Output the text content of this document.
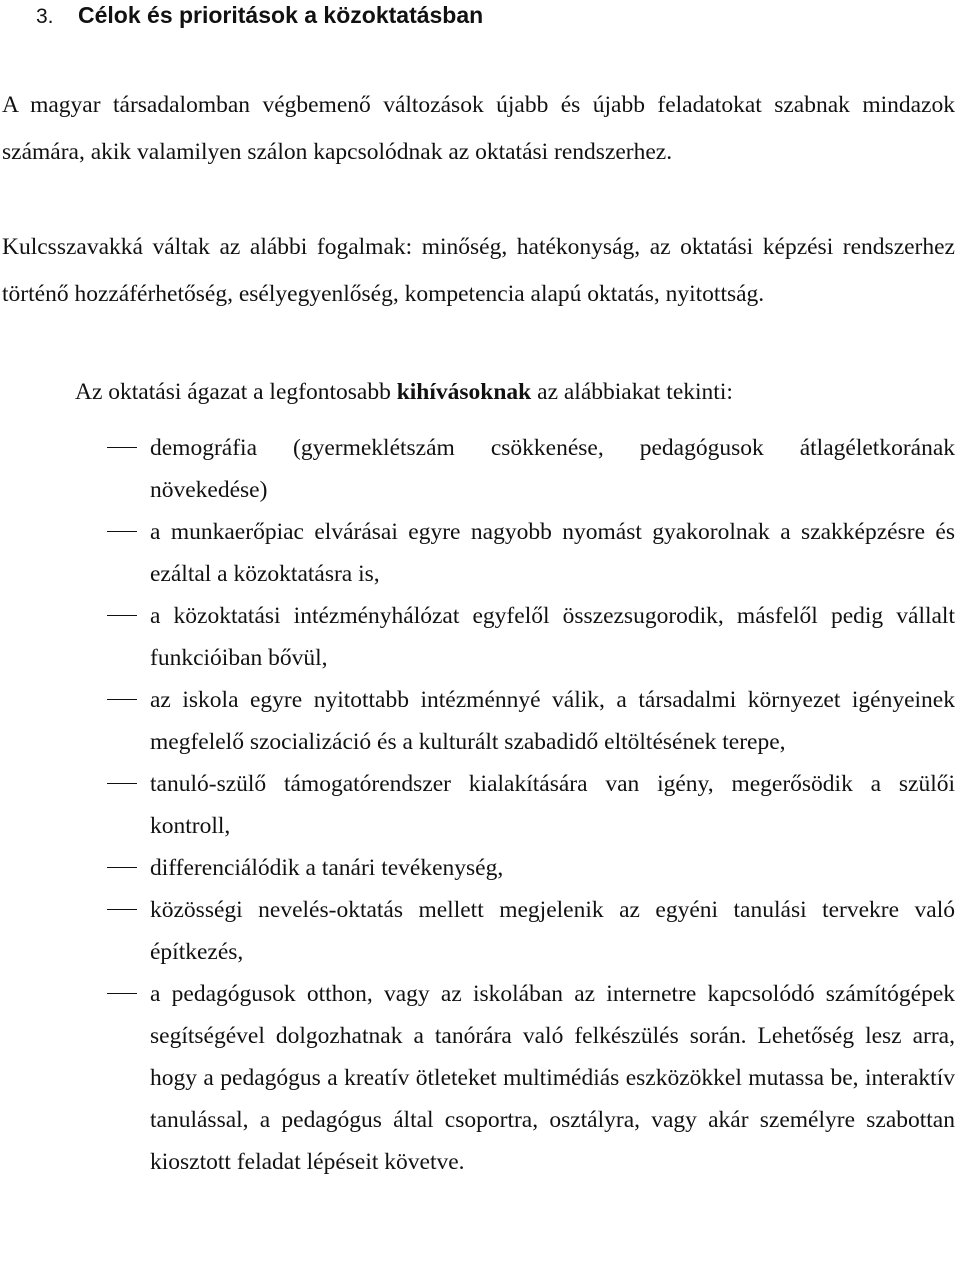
3. Célok és prioritások a közoktatásban

A magyar társadalomban végbemenő változások újabb és újabb feladatokat szabnak mindazok számára, akik valamilyen szálon kapcsolódnak az oktatási rendszerhez.

Kulcsszavakká váltak az alábbi fogalmak: minőség, hatékonyság, az oktatási képzési rendszerhez történő hozzáférhetőség, esélyegyenlőség, kompetencia alapú oktatás, nyitottság.

Az oktatási ágazat a legfontosabb kihívásoknak az alábbiakat tekinti:
demográfia (gyermeklétszám csökkenése, pedagógusok átlagéletkorának növekedése)
a munkaerőpiac elvárásai egyre nagyobb nyomást gyakorolnak a szakképzésre és ezáltal a közoktatásra is,
a közoktatási intézményhálózat egyfelől összezsugorodik, másfelől pedig vállalt funkcióiban bővül,
az iskola egyre nyitottabb intézménnyé válik, a társadalmi környezet igényeinek megfelelő szocializáció és a kulturált szabadidő eltöltésének terepe,
tanuló-szülő támogatórendszer kialakítására van igény, megerősödik a szülői kontroll,
differenciálódik a tanári tevékenység,
közösségi nevelés-oktatás mellett megjelenik az egyéni tanulási tervekre való építkezés,
a pedagógusok otthon, vagy az iskolában az internetre kapcsolódó számítógépek segítségével dolgozhatnak a tanórára való felkészülés során. Lehetőség lesz arra, hogy a pedagógus a kreatív ötleteket multimédiás eszközökkel mutassa be, interaktív tanulással, a pedagógus által csoportra, osztályra, vagy akár személyre szabottan kiosztott feladat lépéseit követve.
